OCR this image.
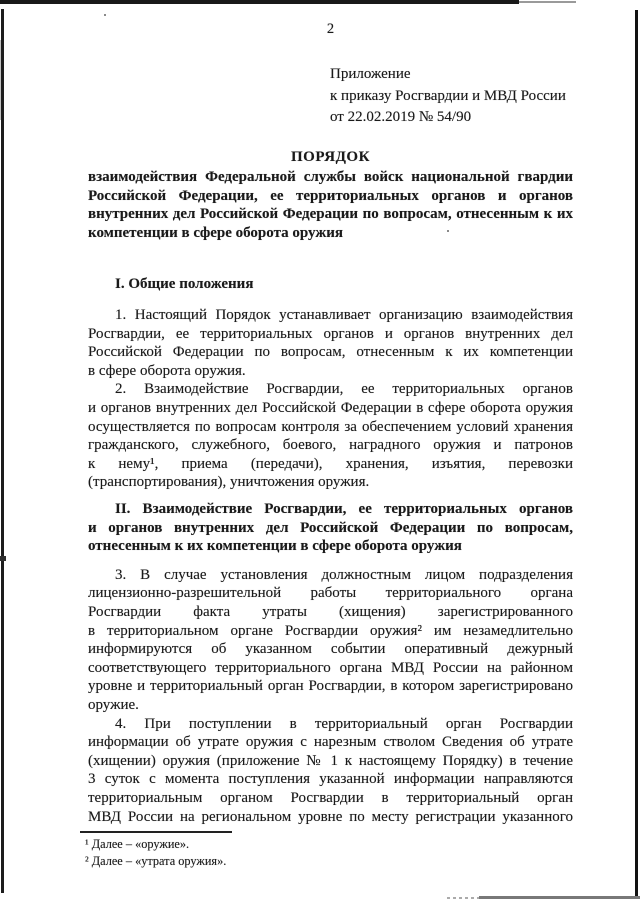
2
Приложение
к приказу Росгвардии и МВД России
от 22.02.2019 № 54/90
ПОРЯДОК
взаимодействия Федеральной службы войск национальной гвардии
Российской Федерации, ее территориальных органов и органов
внутренних дел Российской Федерации по вопросам, отнесенным к их
компетенции в сфере оборота оружия
I. Общие положения
1. Настоящий Порядок устанавливает организацию взаимодействия
Росгвардии, ее территориальных органов и органов внутренних дел
Российской Федерации по вопросам, отнесенным к их компетенции
в сфере оборота оружия.
2. Взаимодействие Росгвардии, ее территориальных органов
и органов внутренних дел Российской Федерации в сфере оборота оружия
осуществляется по вопросам контроля за обеспечением условий хранения
гражданского, служебного, боевого, наградного оружия и патронов
к нему¹, приема (передачи), хранения, изъятия, перевозки
(транспортирования), уничтожения оружия.
II. Взаимодействие Росгвардии, ее территориальных органов
и органов внутренних дел Российской Федерации по вопросам,
отнесенным к их компетенции в сфере оборота оружия
3. В случае установления должностным лицом подразделения
лицензионно-разрешительной работы территориального органа
Росгвардии факта утраты (хищения) зарегистрированного
в территориальном органе Росгвардии оружия² им незамедлительно
информируются об указанном событии оперативный дежурный
соответствующего территориального органа МВД России на районном
уровне и территориальный орган Росгвардии, в котором зарегистрировано
оружие.
4. При поступлении в территориальный орган Росгвардии
информации об утрате оружия с нарезным стволом Сведения об утрате
(хищении) оружия (приложение № 1 к настоящему Порядку) в течение
3 суток с момента поступления указанной информации направляются
территориальным органом Росгвардии в территориальный орган
МВД России на региональном уровне по месту регистрации указанного
¹ Далее – «оружие».
² Далее – «утрата оружия».
